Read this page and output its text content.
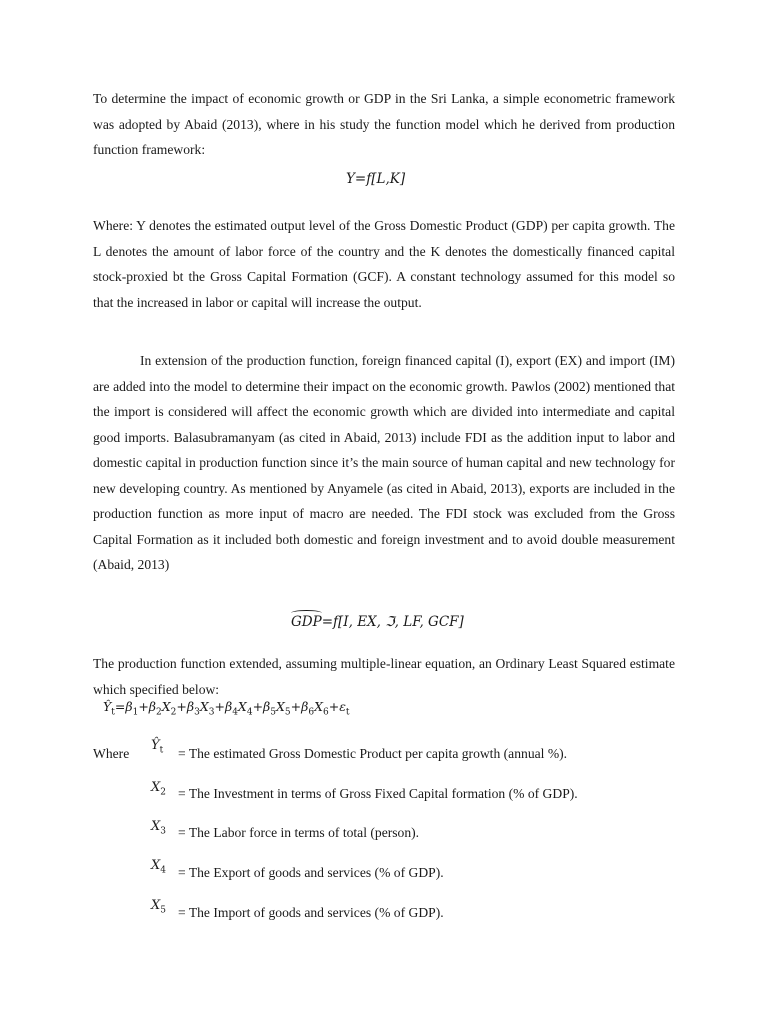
To determine the impact of economic growth or GDP in the Sri Lanka, a simple econometric framework was adopted by Abaid (2013), where in his study the function model which he derived from production function framework:

Y=f[L,K]

Where: Y denotes the estimated output level of the Gross Domestic Product (GDP) per capita growth. The L denotes the amount of labor force of the country and the K denotes the domestically financed capital stock-proxied bt the Gross Capital Formation (GCF). A constant technology assumed for this model so that the increased in labor or capital will increase the output.

In extension of the production function, foreign financed capital (I), export (EX) and import (IM) are added into the model to determine their impact on the economic growth. Pawlos (2002) mentioned that the import is considered will affect the economic growth which are divided into intermediate and capital good imports. Balasubramanyam (as cited in Abaid, 2013) include FDI as the addition input to labor and domestic capital in production function since it’s the main source of human capital and new technology for new developing country. As mentioned by Anyamele (as cited in Abaid, 2013), exports are included in the production function as more input of macro are needed. The FDI stock was excluded from the Gross Capital Formation as it included both domestic and foreign investment and to avoid double measurement (Abaid, 2013)

GDP=f[I, EX, ℑ, LF, GCF]

The production function extended, assuming multiple-linear equation, an Ordinary Least Squared estimate which specified below:

$Ŷ_t=\beta_1+\beta_2X_2+\beta_3X_3+\beta_4X_4+\beta_5X_5+\beta_6X_6+\varepsilon_t$
Where
$Ŷ_t$ = The estimated Gross Domestic Product per capita growth (annual %).
$X_2$ = The Investment in terms of Gross Fixed Capital formation (% of GDP).
$X_3$ = The Labor force in terms of total (person).
$X_4$ = The Export of goods and services (% of GDP).
$X_5$ = The Import of goods and services (% of GDP).
